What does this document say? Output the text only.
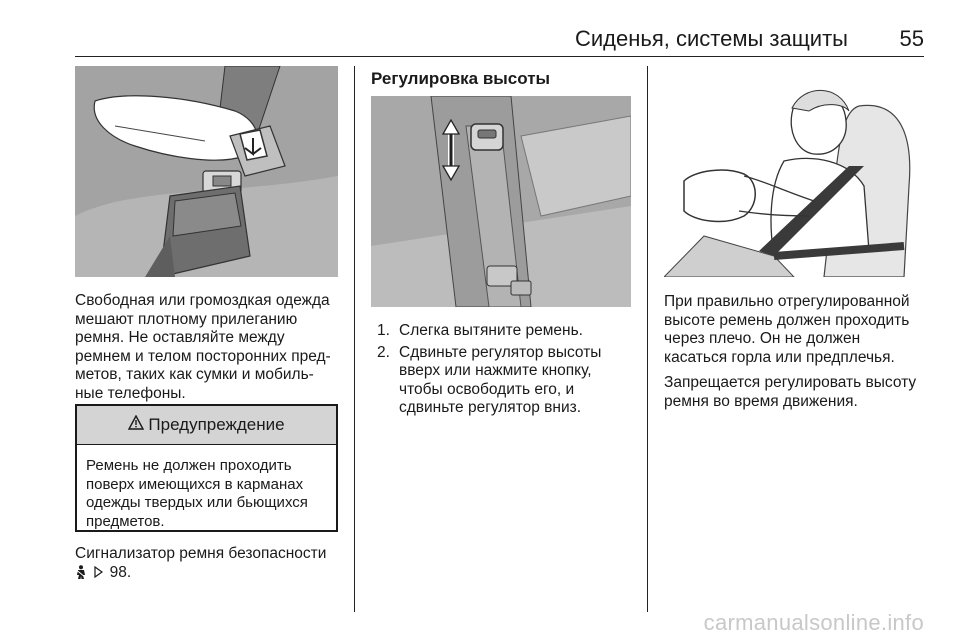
Сиденья, системы защиты 55

Свободная или громоздкая одежда мешают плотному прилеганию ремня. Не оставляйте между ремнем и телом посторонних пред-метов, таких как сумки и мобиль-ные телефоны.

Предупреждение
Ремень не должен проходить поверх имеющихся в карманах одежды твердых или бьющихся предметов.
Сигнализатор ремня безопасности
98.
Регулировка высоты
1. Слегка вытяните ремень.
2. Сдвиньте регулятор высоты вверх или нажмите кнопку, чтобы освободить его, и сдвиньте регулятор вниз.

При правильно отрегулированной высоте ремень должен проходить через плечо. Он не должен касаться горла или предплечья.

Запрещается регулировать высоту ремня во время движения.

carmanualsonline.info
